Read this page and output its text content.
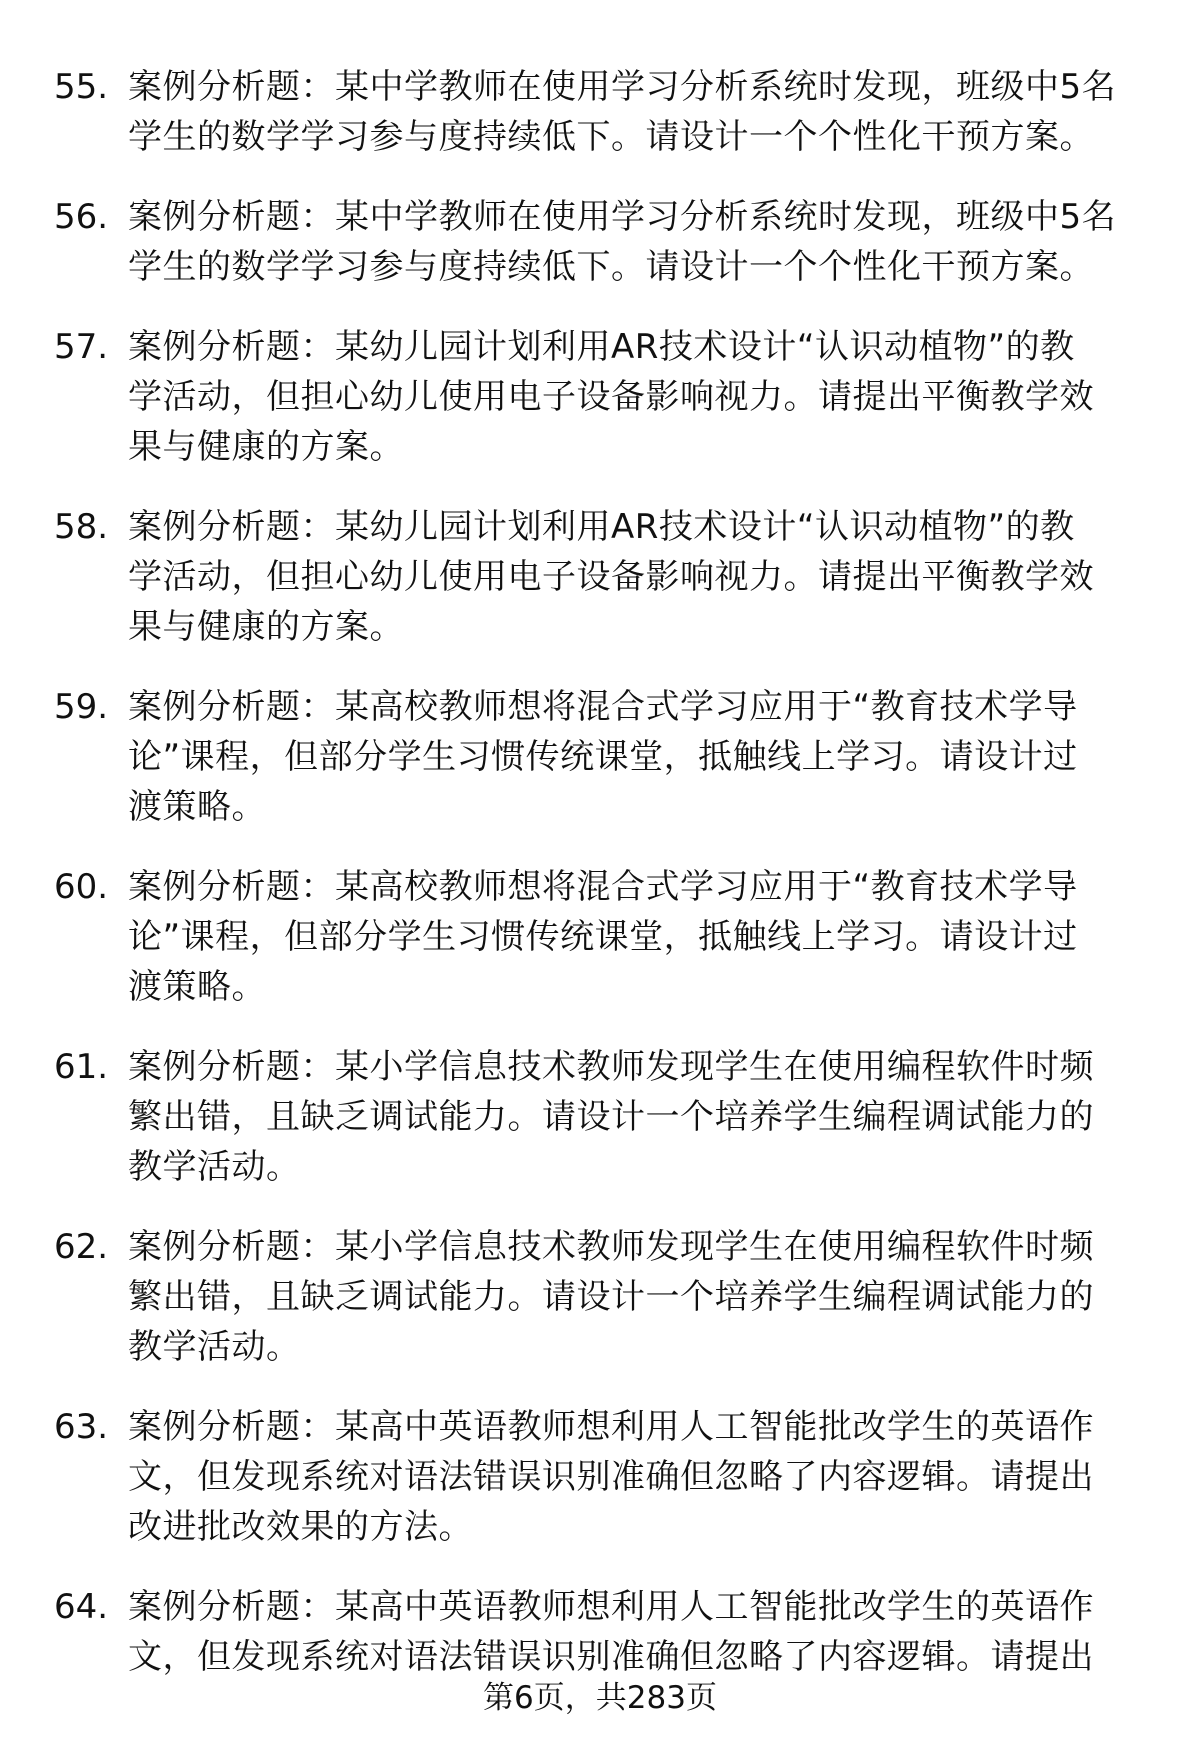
55. 案例分析题：某中学教师在使用学习分析系统时发现，班级中5名
学生的数学学习参与度持续低下。请设计一个个性化干预方案。
56. 案例分析题：某中学教师在使用学习分析系统时发现，班级中5名
学生的数学学习参与度持续低下。请设计一个个性化干预方案。
57. 案例分析题：某幼儿园计划利用AR技术设计“认识动植物”的教
学活动，但担心幼儿使用电子设备影响视力。请提出平衡教学效
果与健康的方案。
58. 案例分析题：某幼儿园计划利用AR技术设计“认识动植物”的教
学活动，但担心幼儿使用电子设备影响视力。请提出平衡教学效
果与健康的方案。
59. 案例分析题：某高校教师想将混合式学习应用于“教育技术学导
论”课程，但部分学生习惯传统课堂，抵触线上学习。请设计过
渡策略。
60. 案例分析题：某高校教师想将混合式学习应用于“教育技术学导
论”课程，但部分学生习惯传统课堂，抵触线上学习。请设计过
渡策略。
61. 案例分析题：某小学信息技术教师发现学生在使用编程软件时频
繁出错，且缺乏调试能力。请设计一个培养学生编程调试能力的
教学活动。
62. 案例分析题：某小学信息技术教师发现学生在使用编程软件时频
繁出错，且缺乏调试能力。请设计一个培养学生编程调试能力的
教学活动。
63. 案例分析题：某高中英语教师想利用人工智能批改学生的英语作
文，但发现系统对语法错误识别准确但忽略了内容逻辑。请提出
改进批改效果的方法。
64. 案例分析题：某高中英语教师想利用人工智能批改学生的英语作
文，但发现系统对语法错误识别准确但忽略了内容逻辑。请提出
第6页，共283页
